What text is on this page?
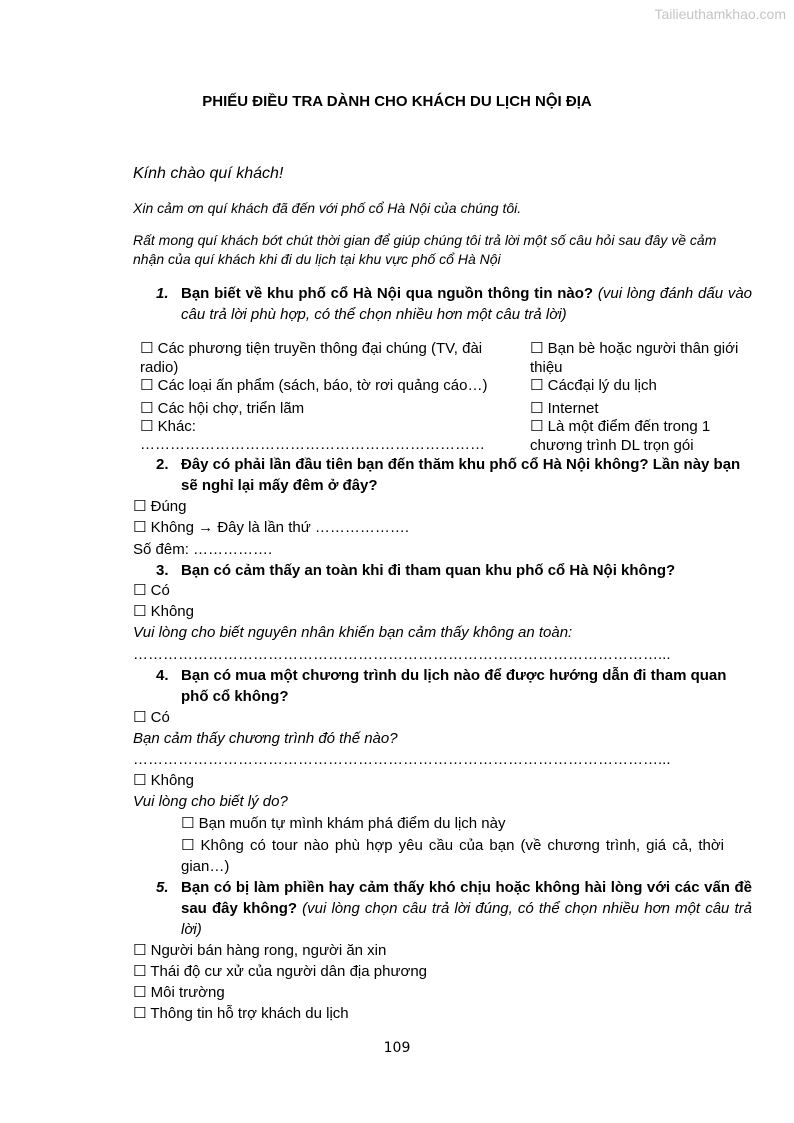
Tailieuthamkhao.com
PHIẾU ĐIỀU TRA DÀNH CHO KHÁCH DU LỊCH NỘI ĐỊA
Kính chào quí khách!
Xin cảm ơn quí khách đã đến với phố cổ Hà Nội của chúng tôi.
Rất mong quí khách bớt chút thời gian để giúp chúng tôi trả lời một số câu hỏi sau đây về cảm nhận của quí khách khi đi du lịch tại khu vực phố cổ Hà Nội
1. Bạn biết về khu phố cổ Hà Nội qua nguồn thông tin nào? (vui lòng đánh dấu vào câu trả lời phù hợp, có thể chọn nhiều hơn một câu trả lời)
☐ Các phương tiện truyền thông đại chúng (TV, đài radio)
☐ Các loại ấn phẩm (sách, báo, tờ rơi quảng cáo…)
☐ Các hội chợ, triển lãm
☐ Khác:
……………………………………………………………
☐ Bạn bè hoặc người thân giới thiệu
☐ Cácđại lý du lịch
☐ Internet
☐ Là một điểm đến trong 1 chương trình DL trọn gói
2. Đây có phải lần đầu tiên bạn đến thăm khu phố cổ Hà Nội không? Lần này bạn sẽ nghỉ lại mấy đêm ở đây?
☐ Đúng
☐ Không → Đây là lần thứ ……………….
Số đêm: …………….
3. Bạn có cảm thấy an toàn khi đi tham quan khu phố cổ Hà Nội không?
☐ Có
☐ Không
Vui lòng cho biết nguyên nhân khiến bạn cảm thấy không an toàn:
……………………………………………………………………………………………...
4. Bạn có mua một chương trình du lịch nào để được hướng dẫn đi tham quan phố cổ không?
☐ Có
Bạn cảm thấy chương trình đó thế nào?
……………………………………………………………………………………………...
☐ Không
Vui lòng cho biết lý do?
☐ Bạn muốn tự mình khám phá điểm du lịch này
☐ Không có tour nào phù hợp yêu cầu của bạn (về chương trình, giá cả, thời gian…)
5. Bạn có bị làm phiền hay cảm thấy khó chịu hoặc không hài lòng với các vấn đề sau đây không? (vui lòng chọn câu trả lời đúng, có thể chọn nhiều hơn một câu trả lời)
☐ Người bán hàng rong, người ăn xin
☐ Thái độ cư xử của người dân địa phương
☐ Môi trường
☐ Thông tin hỗ trợ khách du lịch
109
